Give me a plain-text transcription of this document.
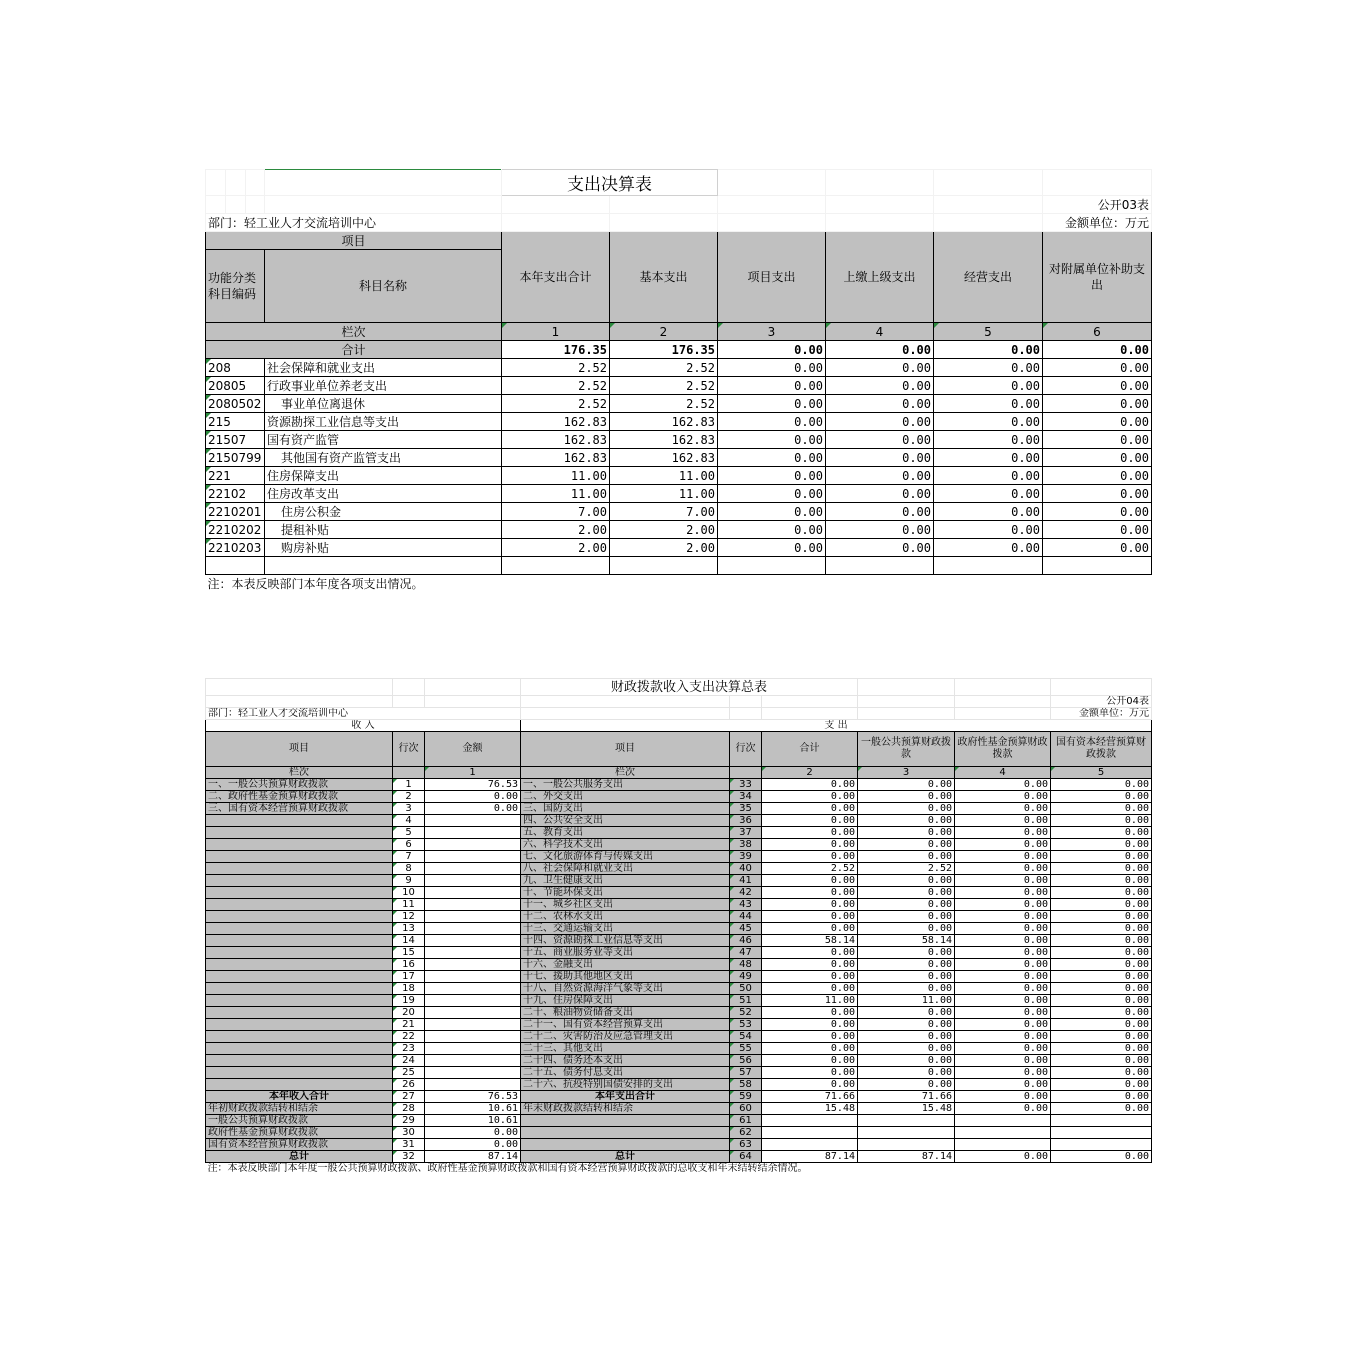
				支出决算表					
									公开03表
部门：轻工业人才交流培训中心									金额单位：万元
项目				本年支出合计	基本支出	项目支出	上缴上级支出	经营支出	对附属单位补助支出
功能分类科目编码			科目名称						
栏次				1	2	3	4	5	6
合计				176.35	176.35	0.00	0.00	0.00	0.00
208			社会保障和就业支出	2.52	2.52	0.00	0.00	0.00	0.00
20805			行政事业单位养老支出	2.52	2.52	0.00	0.00	0.00	0.00
2080502			事业单位离退休	2.52	2.52	0.00	0.00	0.00	0.00
215			资源勘探工业信息等支出	162.83	162.83	0.00	0.00	0.00	0.00
21507			国有资产监管	162.83	162.83	0.00	0.00	0.00	0.00
2150799			其他国有资产监管支出	162.83	162.83	0.00	0.00	0.00	0.00
221			住房保障支出	11.00	11.00	0.00	0.00	0.00	0.00
22102			住房改革支出	11.00	11.00	0.00	0.00	0.00	0.00
2210201			住房公积金	7.00	7.00	0.00	0.00	0.00	0.00
2210202			提租补贴	2.00	2.00	0.00	0.00	0.00	0.00
2210203			购房补贴	2.00	2.00	0.00	0.00	0.00	0.00

注：本表反映部门本年度各项支出情况。									
			财政拨款收入支出决算总表					
								公开04表
部门：轻工业人才交流培训中心								金额单位：万元
收 入			支 出					
项目	行次	金额	项目	行次	合计	一般公共预算财政拨款	政府性基金预算财政拨款	国有资本经营预算财政拨款
栏次		1	栏次		2	3	4	5
一、一般公共预算财政拨款	1	76.53	一、一般公共服务支出	33	0.00	0.00	0.00	0.00
二、政府性基金预算财政拨款	2	0.00	二、外交支出	34	0.00	0.00	0.00	0.00
三、国有资本经营预算财政拨款	3	0.00	三、国防支出	35	0.00	0.00	0.00	0.00
	4		四、公共安全支出	36	0.00	0.00	0.00	0.00
	5		五、教育支出	37	0.00	0.00	0.00	0.00
	6		六、科学技术支出	38	0.00	0.00	0.00	0.00
	7		七、文化旅游体育与传媒支出	39	0.00	0.00	0.00	0.00
	8		八、社会保障和就业支出	40	2.52	2.52	0.00	0.00
	9		九、卫生健康支出	41	0.00	0.00	0.00	0.00
	10		十、节能环保支出	42	0.00	0.00	0.00	0.00
	11		十一、城乡社区支出	43	0.00	0.00	0.00	0.00
	12		十二、农林水支出	44	0.00	0.00	0.00	0.00
	13		十三、交通运输支出	45	0.00	0.00	0.00	0.00
	14		十四、资源勘探工业信息等支出	46	58.14	58.14	0.00	0.00
	15		十五、商业服务业等支出	47	0.00	0.00	0.00	0.00
	16		十六、金融支出	48	0.00	0.00	0.00	0.00
	17		十七、援助其他地区支出	49	0.00	0.00	0.00	0.00
	18		十八、自然资源海洋气象等支出	50	0.00	0.00	0.00	0.00
	19		十九、住房保障支出	51	11.00	11.00	0.00	0.00
	20		二十、粮油物资储备支出	52	0.00	0.00	0.00	0.00
	21		二十一、国有资本经营预算支出	53	0.00	0.00	0.00	0.00
	22		二十二、灾害防治及应急管理支出	54	0.00	0.00	0.00	0.00
	23		二十三、其他支出	55	0.00	0.00	0.00	0.00
	24		二十四、债务还本支出	56	0.00	0.00	0.00	0.00
	25		二十五、债务付息支出	57	0.00	0.00	0.00	0.00
	26		二十六、抗疫特别国债安排的支出	58	0.00	0.00	0.00	0.00
本年收入合计	27	76.53	本年支出合计	59	71.66	71.66	0.00	0.00
年初财政拨款结转和结余	28	10.61	年末财政拨款结转和结余	60	15.48	15.48	0.00	0.00
一般公共预算财政拨款	29	10.61		61				
政府性基金预算财政拨款	30	0.00		62				
国有资本经营预算财政拨款	31	0.00		63				
总计	32	87.14	总计	64	87.14	87.14	0.00	0.00
注：本表反映部门本年度一般公共预算财政拨款、政府性基金预算财政拨款和国有资本经营预算财政拨款的总收支和年末结转结余情况。								
